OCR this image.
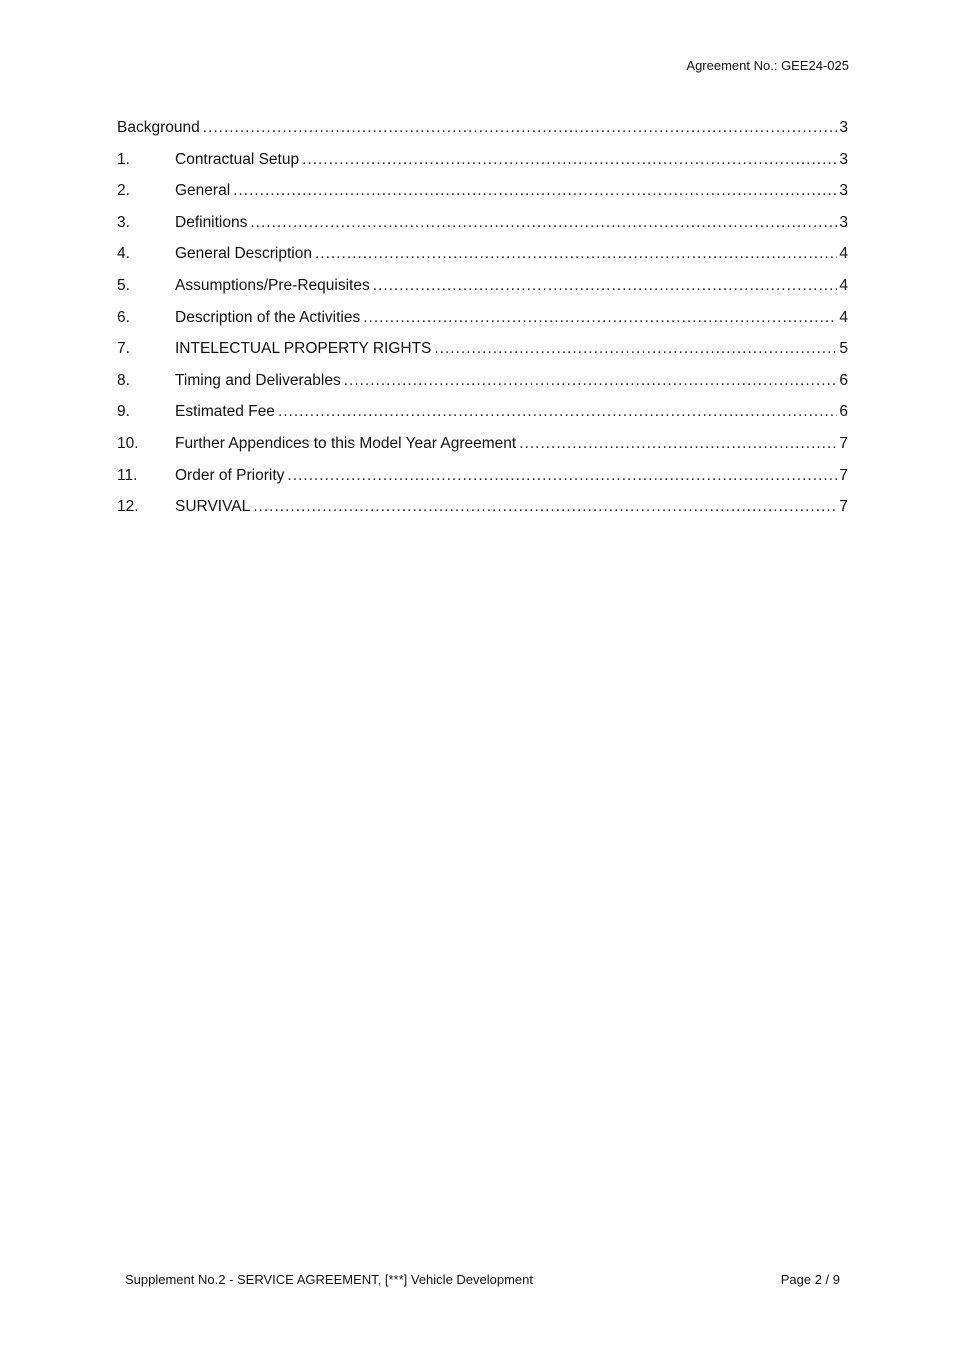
Agreement No.: GEE24-025
Background .....	3
1.	Contractual Setup .....	3
2.	General .....	3
3.	Definitions .....	3
4.	General Description .....	4
5.	Assumptions/Pre-Requisites .....	4
6.	Description of the Activities .....	4
7.	INTELECTUAL PROPERTY RIGHTS .....	5
8.	Timing and Deliverables .....	6
9.	Estimated Fee .....	6
10.	Further Appendices to this Model Year Agreement .....	7
11.	Order of Priority .....	7
12.	SURVIVAL .....	7
Supplement No.2 - SERVICE AGREEMENT, [***] Vehicle Development	Page 2 / 9
